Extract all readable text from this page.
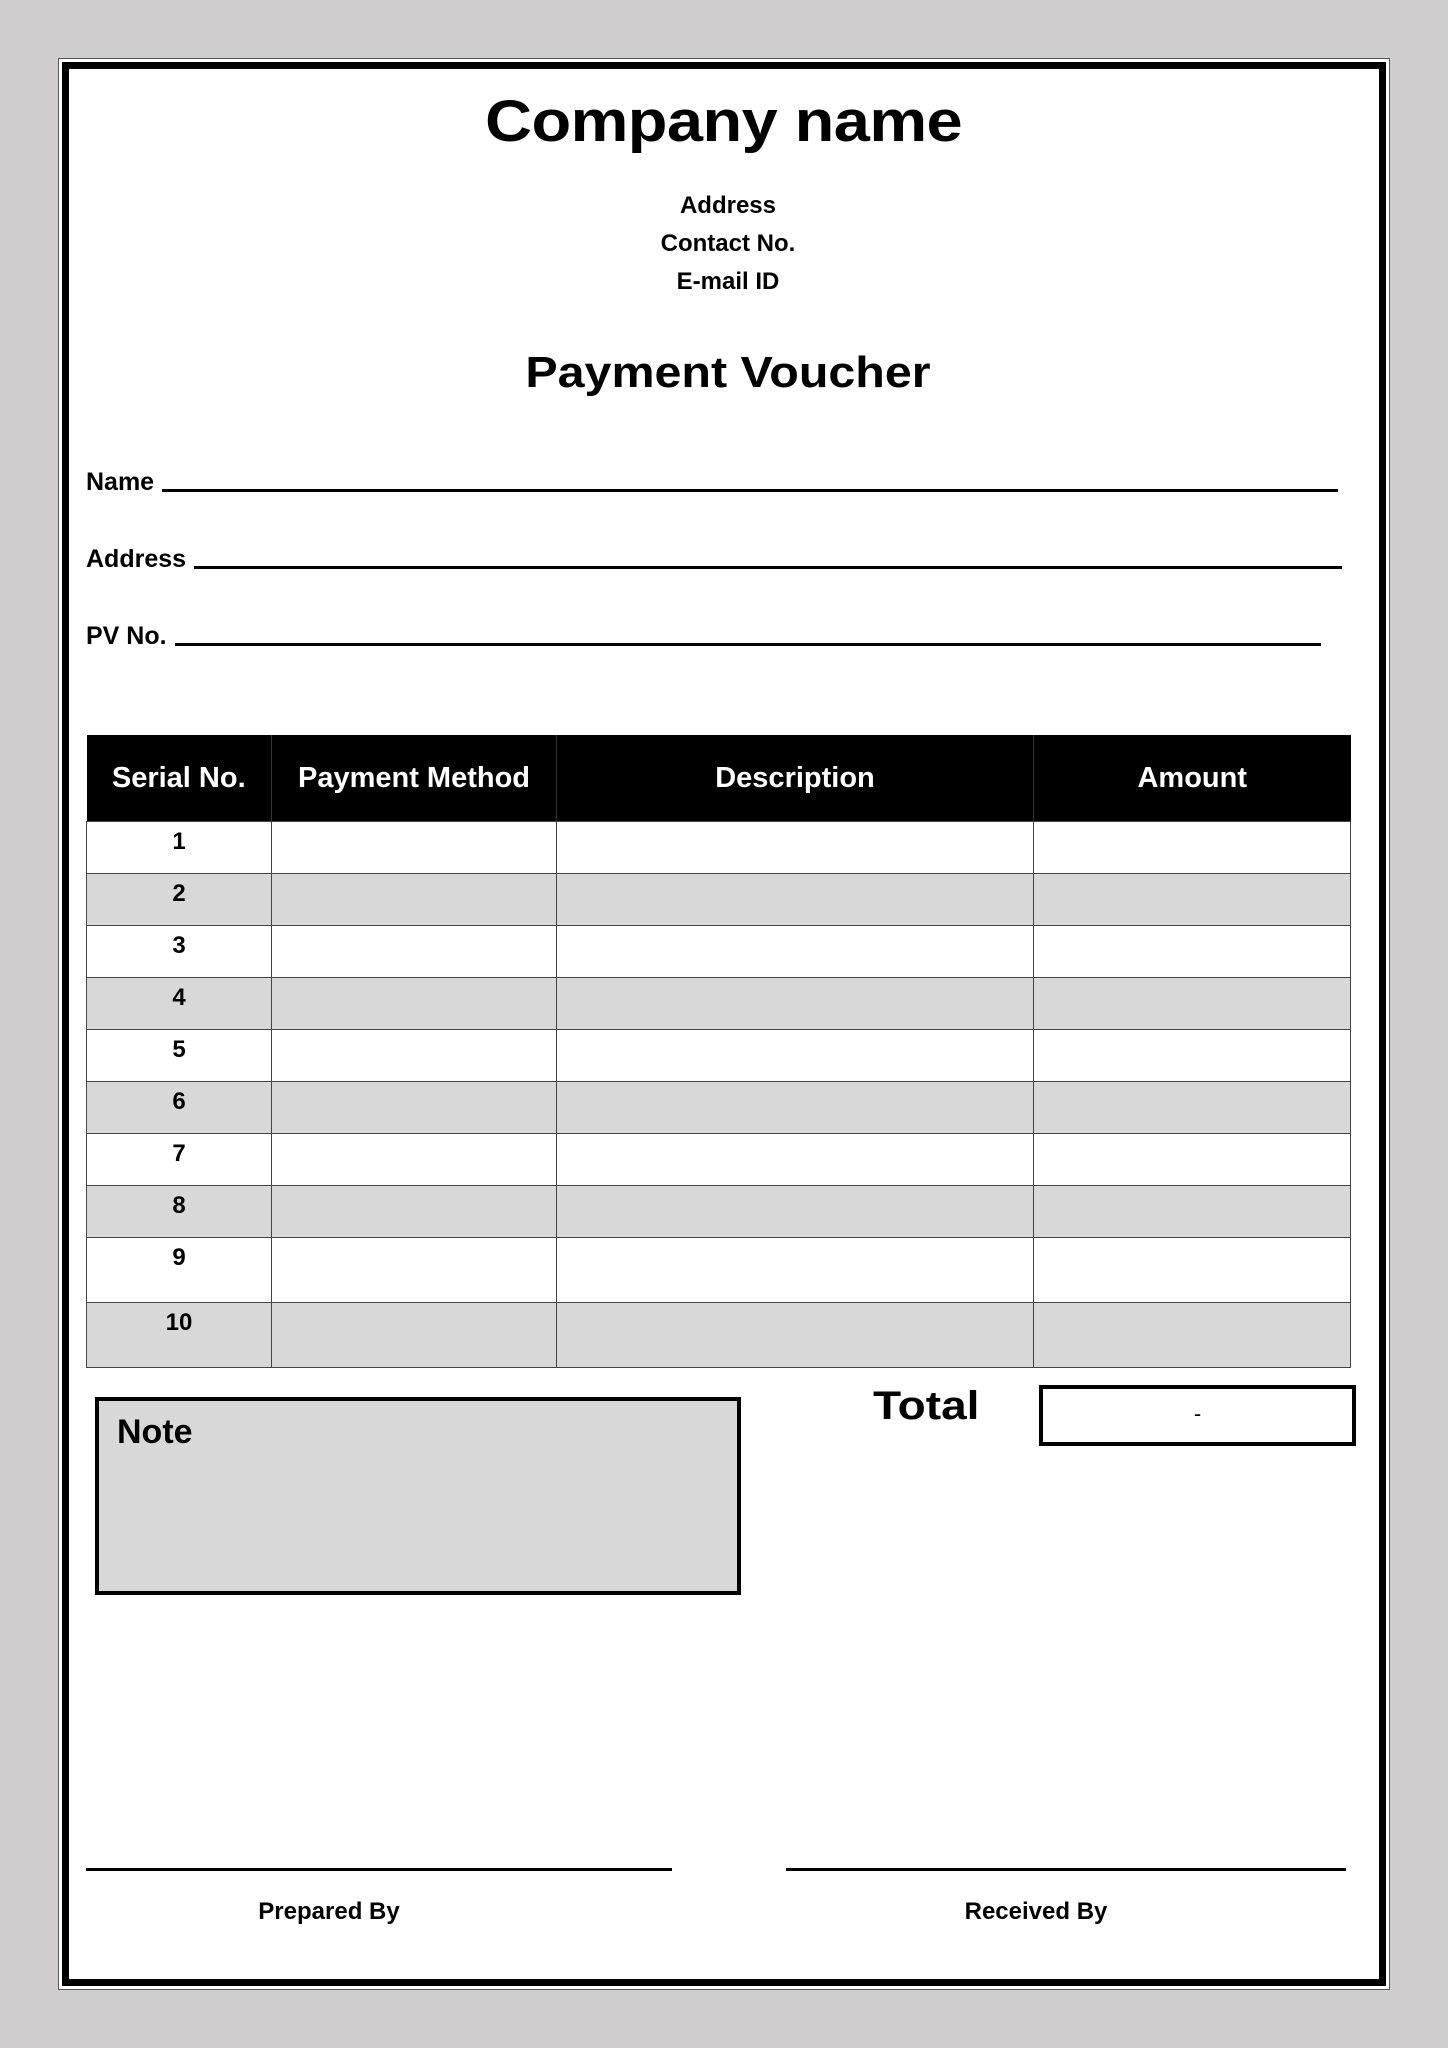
Company name
Address
Contact No.
E-mail ID
Payment Voucher
Name
Address
PV No.
Serial No.	Payment Method	Description	Amount
1			
2			
3			
4			
5			
6			
7			
8			
9			
10			
Note
Total	-
Prepared By	Received By
